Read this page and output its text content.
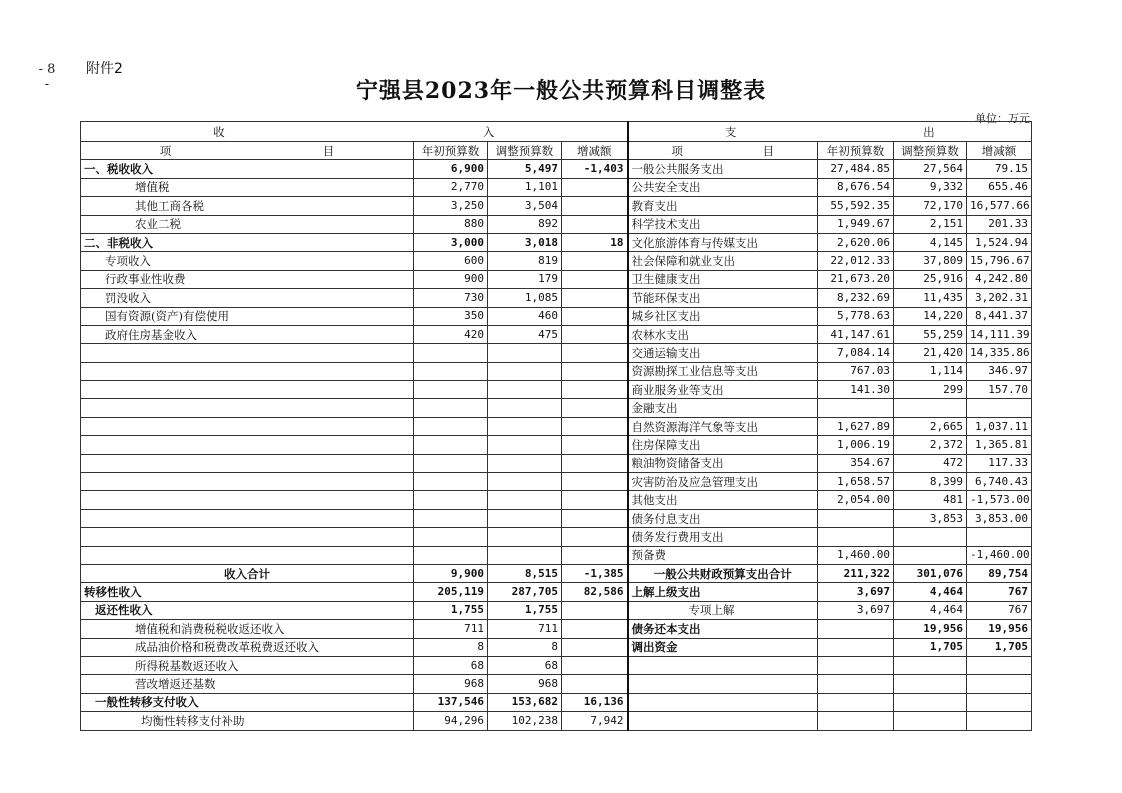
- 8 -
附件2
宁强县2023年一般公共预算科目调整表
单位：万元
收 入				支 出			

项 目	年初预算数	调整预算数	增减额	项 目	年初预算数	调整预算数	增减额
一、税收收入	6,900	5,497	-1,403	一般公共服务支出	27,484.85	27,564	79.15
增值税	2,770	1,101		公共安全支出	8,676.54	9,332	655.46
其他工商各税	3,250	3,504		教育支出	55,592.35	72,170	16,577.66
农业二税	880	892		科学技术支出	1,949.67	2,151	201.33
二、非税收入	3,000	3,018	18	文化旅游体育与传媒支出	2,620.06	4,145	1,524.94
专项收入	600	819		社会保障和就业支出	22,012.33	37,809	15,796.67
行政事业性收费	900	179		卫生健康支出	21,673.20	25,916	4,242.80
罚没收入	730	1,085		节能环保支出	8,232.69	11,435	3,202.31
国有资源(资产)有偿使用	350	460		城乡社区支出	5,778.63	14,220	8,441.37
政府住房基金收入	420	475		农林水支出	41,147.61	55,259	14,111.39
				交通运输支出	7,084.14	21,420	14,335.86
				资源勘探工业信息等支出	767.03	1,114	346.97
				商业服务业等支出	141.30	299	157.70
				金融支出			
				自然资源海洋气象等支出	1,627.89	2,665	1,037.11
				住房保障支出	1,006.19	2,372	1,365.81
				粮油物资储备支出	354.67	472	117.33
				灾害防治及应急管理支出	1,658.57	8,399	6,740.43
				其他支出	2,054.00	481	-1,573.00
				债务付息支出		3,853	3,853.00
				债务发行费用支出			
				预备费	1,460.00		-1,460.00
收入合计	9,900	8,515	-1,385	一般公共财政预算支出合计	211,322	301,076	89,754
转移性收入	205,119	287,705	82,586	上解上级支出	3,697	4,464	767
返还性收入	1,755	1,755		专项上解	3,697	4,464	767
增值税和消费税税收返还收入	711	711		债务还本支出		19,956	19,956
成品油价格和税费改革税费返还收入	8	8		调出资金		1,705	1,705
所得税基数返还收入	68	68					
营改增返还基数	968	968					
一般性转移支付收入	137,546	153,682	16,136				
均衡性转移支付补助	94,296	102,238	7,942				
